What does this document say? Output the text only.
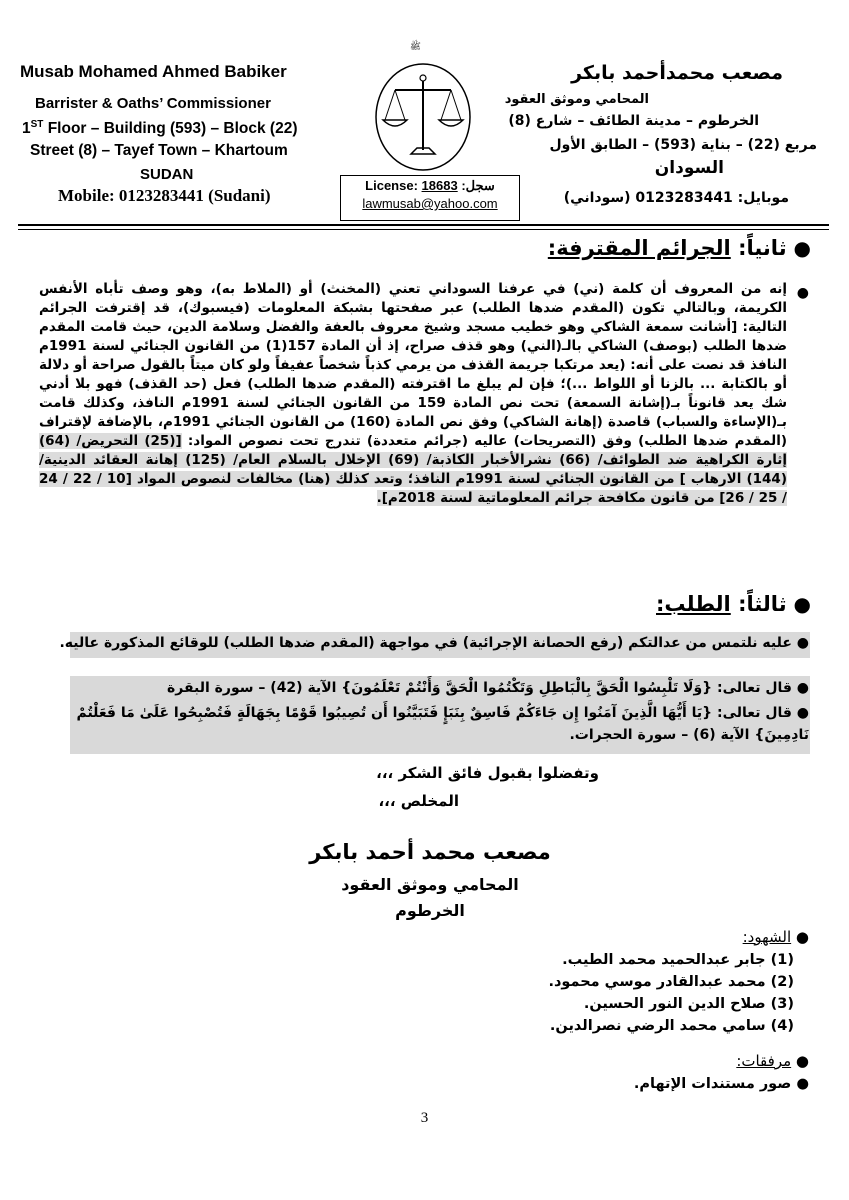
ﷺ
Musab Mohamed Ahmed Babiker
Barrister & Oaths’ Commissioner
1ST Floor – Building (593) – Block (22)
Street (8) – Tayef Town – Khartoum
SUDAN
Mobile: 0123283441 (Sudani)
License: 18683 :سجل
lawmusab@yahoo.com
مصعب محمدأحمد بابكر
المحامي وموثق العقود
الخرطوم – مدينة الطائف – شارع (8)
مربع (22) – بناية (593) – الطابق الأول
السودان
موبايل: 0123283441 (سوداني)
● ثانياً: الجرائم المقترفة:
●
إنه من المعروف أن كلمة (ني) في عرفنا السوداني تعني (المخنث) أو (الملاط به)، وهو وصف تأباه الأنفس الكريمة، وبالتالي تكون (المقدم ضدها الطلب) عبر صفحتها بشبكة المعلومات (فيسبوك)، قد إقترفت الجرائم التالية: [أشانت سمعة الشاكي وهو خطيب مسجد وشيخ معروف بالعفة والفضل وسلامة الدين، حيث قامت المقدم ضدها الطلب (بوصف) الشاكي بالـ(الني) وهو قذف صراح، إذ أن المادة 157(1) من القانون الجنائي لسنة 1991م النافذ قد نصت على أنه: (يعد مرتكبا جريمة القذف من يرمي كذباً شخصاً عفيفاً ولو كان ميتاً بالقول صراحة أو دلالة أو بالكتابة ... بالزنا أو اللواط ...)؛ فإن لم يبلغ ما اقترفته (المقدم ضدها الطلب) فعل (حد القذف) فهو بلا أدني شك يعد قانوناً بـ(إشانة السمعة) تحت نص المادة 159 من القانون الجنائي لسنة 1991م النافذ، وكذلك قامت بـ(الإساءة والسباب) قاصدة (إهانة الشاكي) وفق نص المادة (160) من القانون الجنائي 1991م، بالإضافة لإقتراف (المقدم ضدها الطلب) وفق (التصريحات) عاليه (جرائم متعددة) تندرج تحت نصوص المواد: [(25) التحريض/ (64) إثارة الكراهية ضد الطوائف/ (66) نشرالأخبار الكاذبة/ (69) الإخلال بالسلام العام/ (125) إهانة العقائد الدينية/ (144) الارهاب ] من القانون الجنائي لسنة 1991م النافذ؛ وتعد كذلك (هنا) مخالفات لنصوص المواد [10 / 22 / 24 / 25 / 26] من قانون مكافحة جرائم المعلوماتية لسنة 2018م].
● ثالثاً: الطلب:
● عليه نلتمس من عدالتكم (رفع الحصانة الإجرائية) في مواجهة (المقدم ضدها الطلب) للوقائع المذكورة عاليه.
● قال تعالى: {وَلَا تَلْبِسُوا الْحَقَّ بِالْبَاطِلِ وَتَكْتُمُوا الْحَقَّ وَأَنْتُمْ تَعْلَمُونَ} الآية (42) – سورة البقرة
● قال تعالى: {يَا أَيُّهَا الَّذِينَ آمَنُوا إِن جَاءَكُمْ فَاسِقٌ بِنَبَإٍ فَتَبَيَّنُوا أَن تُصِيبُوا قَوْمًا بِجَهَالَةٍ فَتُصْبِحُوا عَلَىٰ مَا فَعَلْتُمْ نَادِمِينَ} الآية (6) – سورة الحجرات.
وتفضلوا بقبول فائق الشكر ،،،
المخلص ،،،
مصعب محمد أحمد بابكر
المحامي وموثق العقود
الخرطوم
● الشهود:
(1) جابر عبدالحميد محمد الطيب.
(2) محمد عبدالقادر موسي محمود.
(3) صلاح الدين النور الحسين.
(4) سامي محمد الرضي نصرالدين.
● مرفقات:
● صور مستندات الإتهام.
3
